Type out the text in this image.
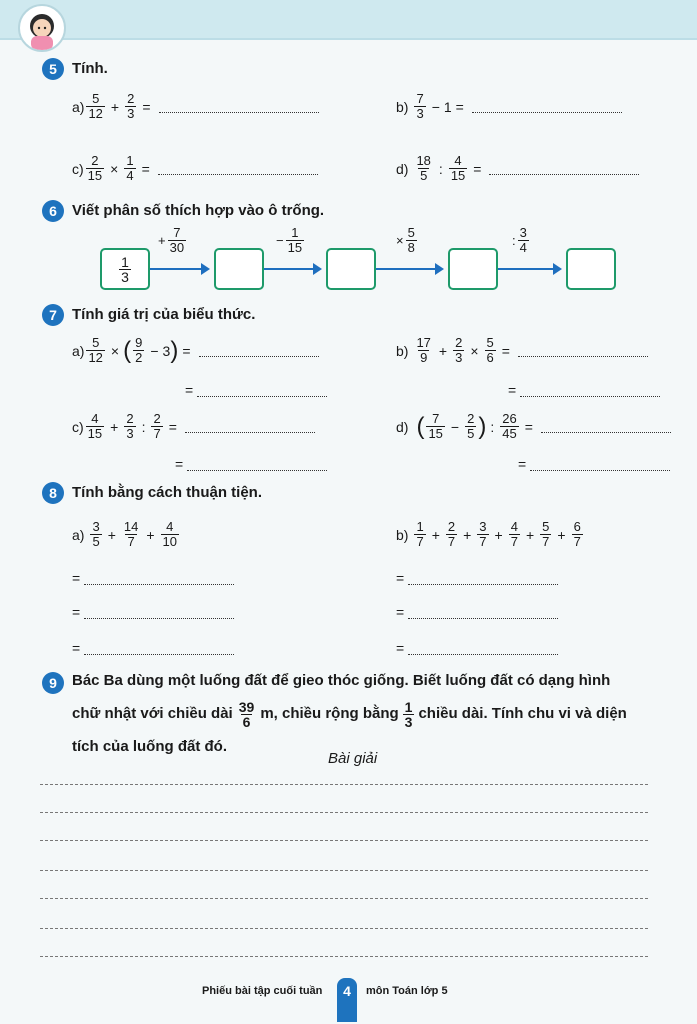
5	Tính.
$a) \frac{5}{12} + \frac{2}{3}$ =	$b) \frac{7}{3} - 1$ =
$c) \frac{2}{15} \times \frac{1}{4}$ =	$d) \frac{18}{5}$ : $\frac{4}{15}$ =
6	Viết phân số thích hợp vào ô trống.
$\frac{1}{3}$
+ $\frac{7}{30}$	− $\frac{1}{15}$	× $\frac{5}{8}$	: $\frac{3}{4}$
7	Tính giá trị của biểu thức.
$a) \frac{5}{12}$ × ( $\frac{9}{2} - 3$ ) =
=
$b) \frac{17}{9} + \frac{2}{3} \times \frac{5}{6}$ =
=
$c) \frac{4}{15} + \frac{2}{3}$ : $\frac{2}{7}$ =
=
d) ( $\frac{7}{15} - \frac{2}{5}$ ) : $\frac{26}{45}$ =
=
8	Tính bằng cách thuận tiện.
$a) \frac{3}{5} + \frac{14}{7} + \frac{4}{10}$	$b) \frac{1}{7} + \frac{2}{7} + \frac{3}{7} + \frac{4}{7} + \frac{5}{7} + \frac{6}{7}$
=
=
=
=
=
=
9	Bác Ba dùng một luống đất để gieo thóc giống. Biết luống đất có dạng hình
chữ nhật với chiều dài $\frac{39}{6} m$, chiều rộng bằng $\frac{1}{3}$ chiều dài. Tính chu vi và diện
tích của luống đất đó.
Bài giải
Phiếu bài tập cuối tuần	4	môn Toán lớp 5
